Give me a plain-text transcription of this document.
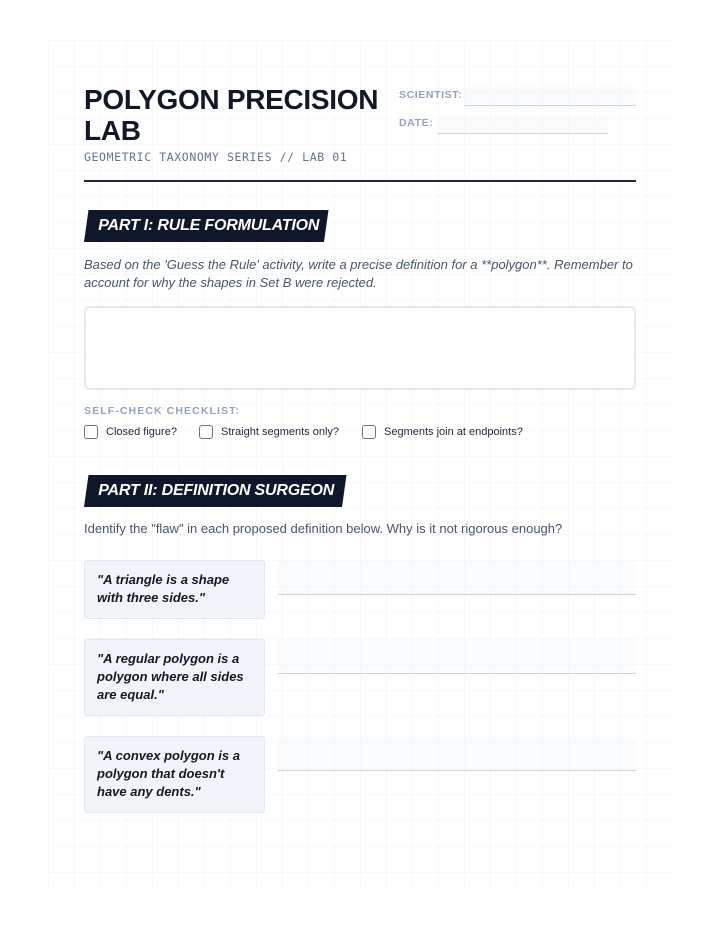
POLYGON PRECISION LAB
GEOMETRIC TAXONOMY SERIES // LAB 01
SCIENTIST:
DATE:
PART I: RULE FORMULATION

Based on the 'Guess the Rule' activity, write a precise definition for a **polygon**. Remember to account for why the shapes in Set B were rejected.

SELF-CHECK CHECKLIST:
Closed figure?	Straight segments only?	Segments join at endpoints?
PART II: DEFINITION SURGEON
Identify the "flaw" in each proposed definition below. Why is it not rigorous enough?

"A triangle is a shape with three sides."

"A regular polygon is a polygon where all sides are equal."

"A convex polygon is a polygon that doesn't have any dents."
